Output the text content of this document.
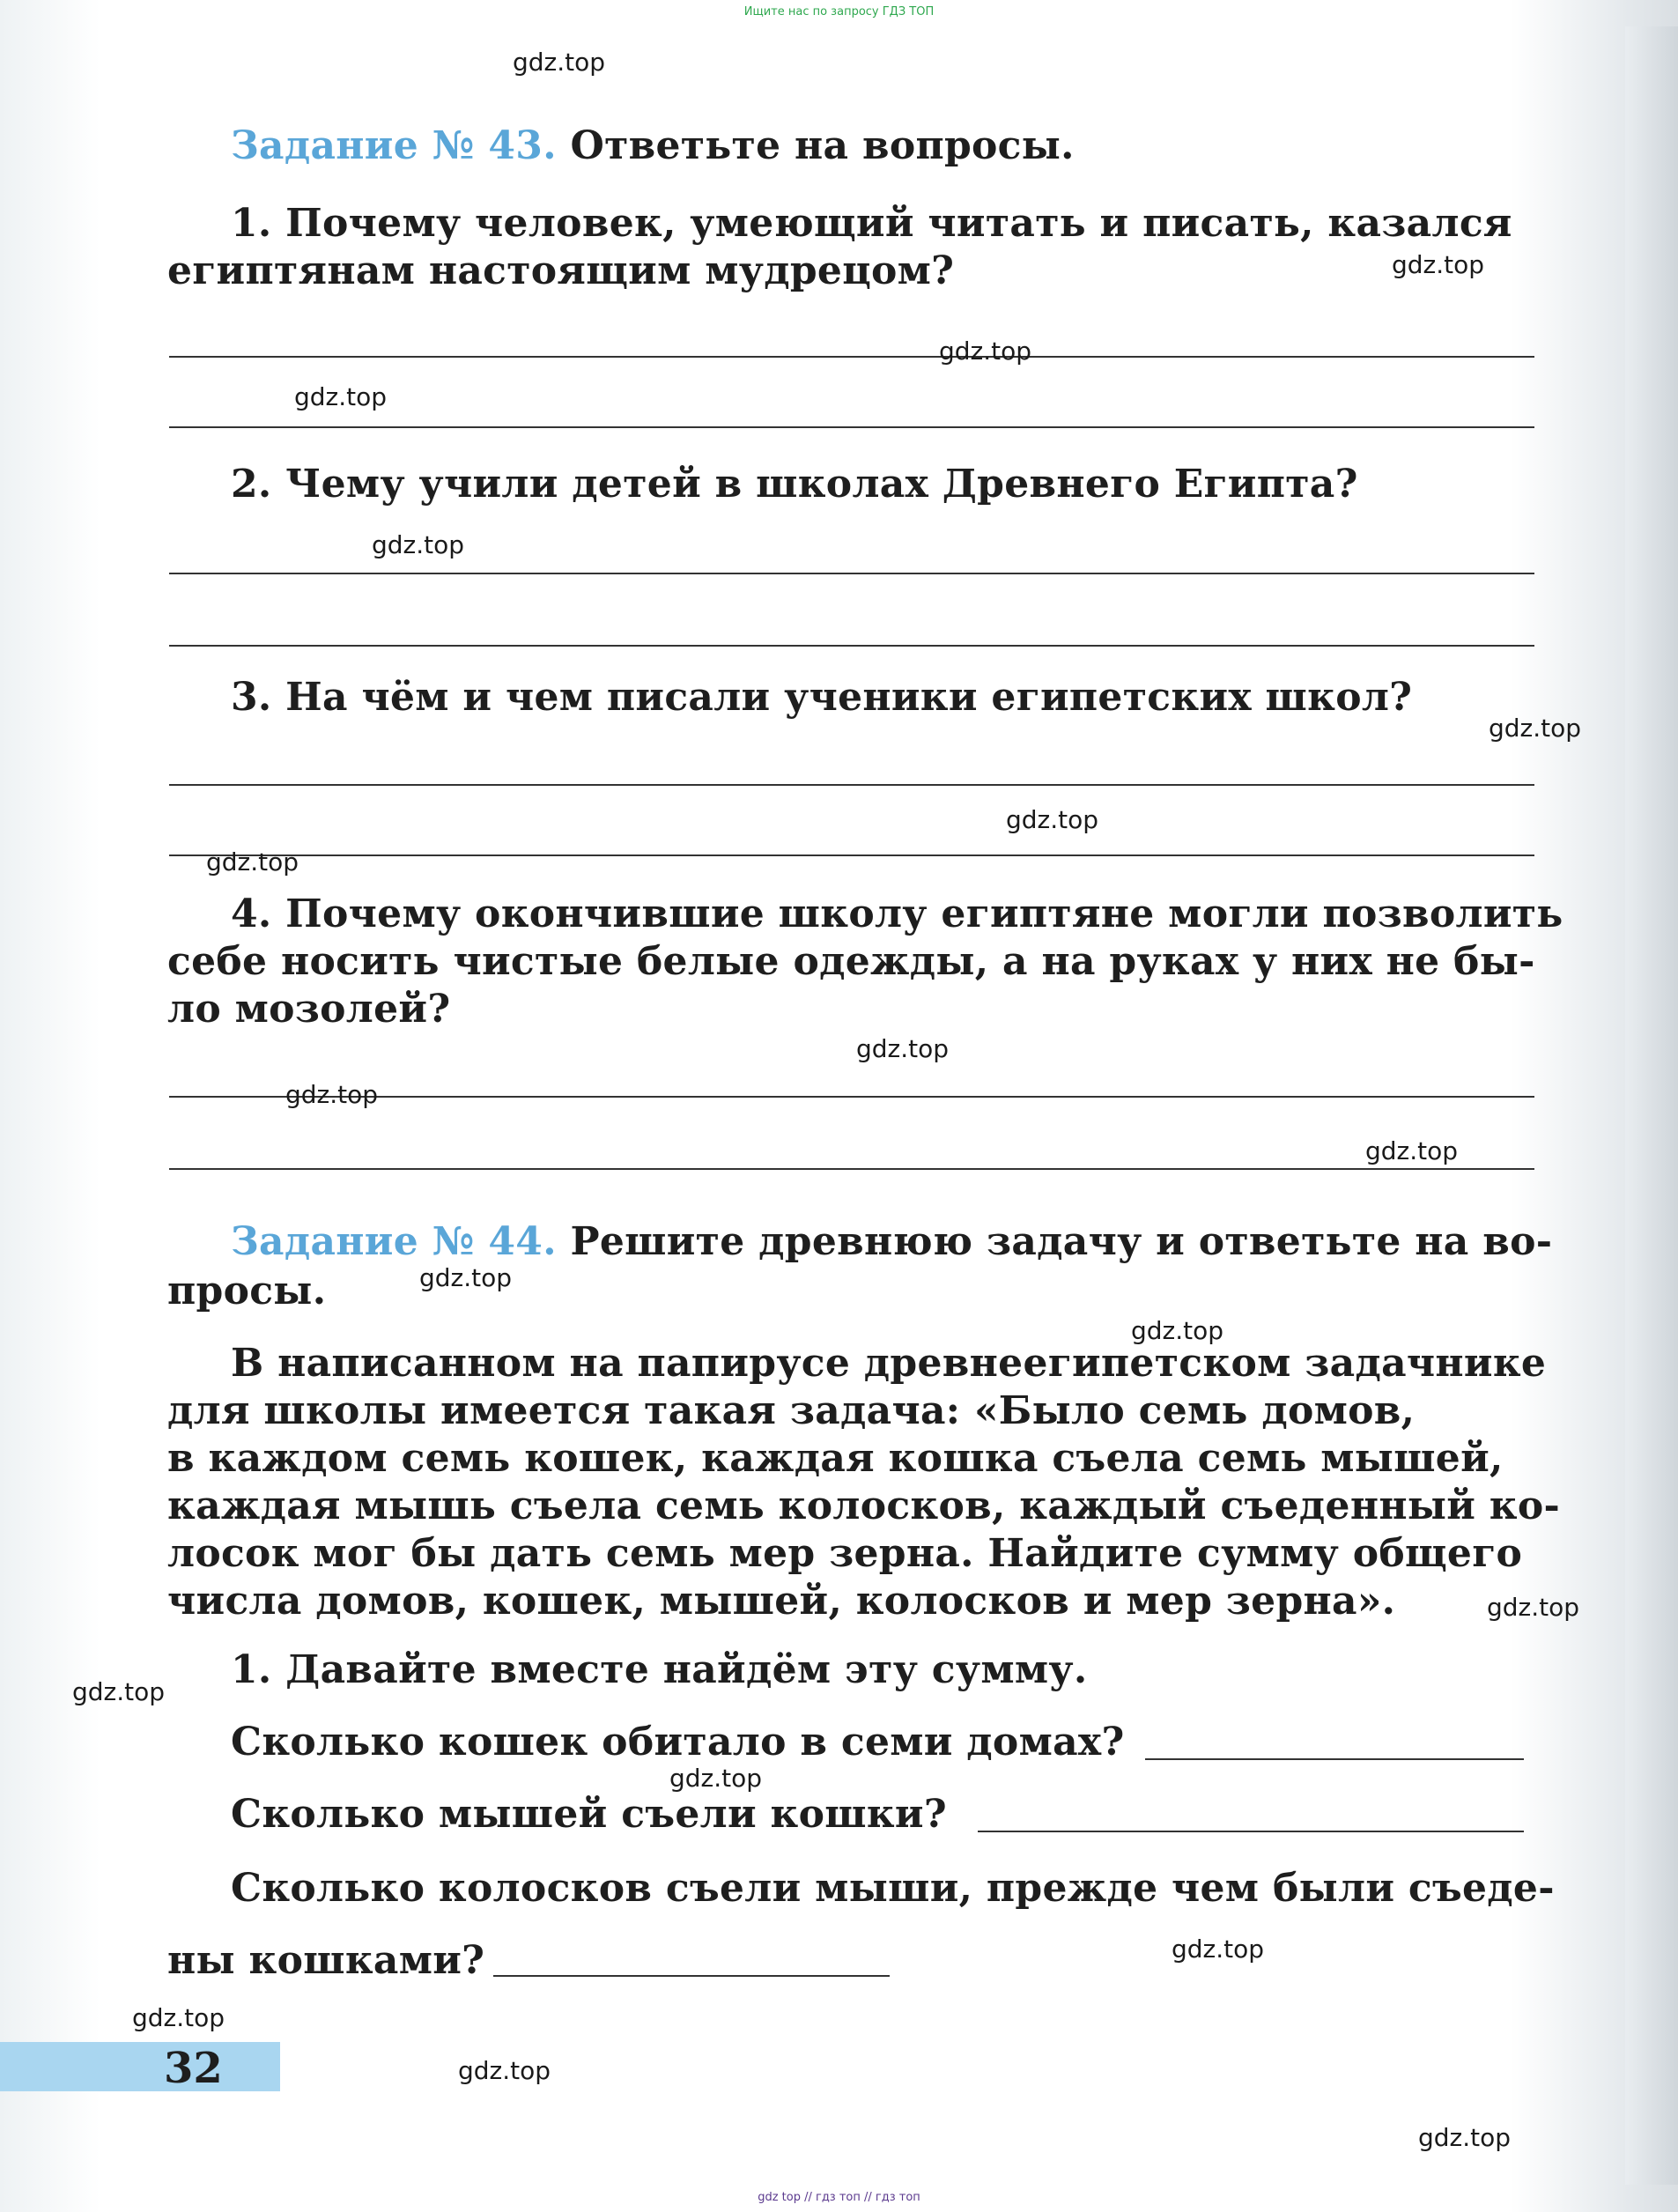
Ищите нас по запросу ГДЗ ТОП
Задание № 43. Ответьте на вопросы.
1. Почему человек, умеющий читать и писать, казался
египтянам настоящим мудрецом?
2. Чему учили детей в школах Древнего Египта?
3. На чём и чем писали ученики египетских школ?
4. Почему окончившие школу египтяне могли позволить
себе носить чистые белые одежды, а на руках у них не бы-
ло мозолей?
Задание № 44. Решите древнюю задачу и ответьте на во-
просы.
В написанном на папирусе древнеегипетском задачнике
для школы имеется такая задача: «Было семь домов,
в каждом семь кошек, каждая кошка съела семь мышей,
каждая мышь съела семь колосков, каждый съеденный ко-
лосок мог бы дать семь мер зерна. Найдите сумму общего
числа домов, кошек, мышей, колосков и мер зерна».
1. Давайте вместе найдём эту сумму.
Сколько кошек обитало в семи домах?
Сколько мышей съели кошки?
Сколько колосков съели мыши, прежде чем были съеде-
ны кошками?
32
gdz.top
gdz.top
gdz.top
gdz.top
gdz.top
gdz.top
gdz.top
gdz.top
gdz.top
gdz.top
gdz.top
gdz.top
gdz.top
gdz.top
gdz.top
gdz.top
gdz.top
gdz.top
gdz.top
gdz.top
gdz top // гдз топ // гдз топ
